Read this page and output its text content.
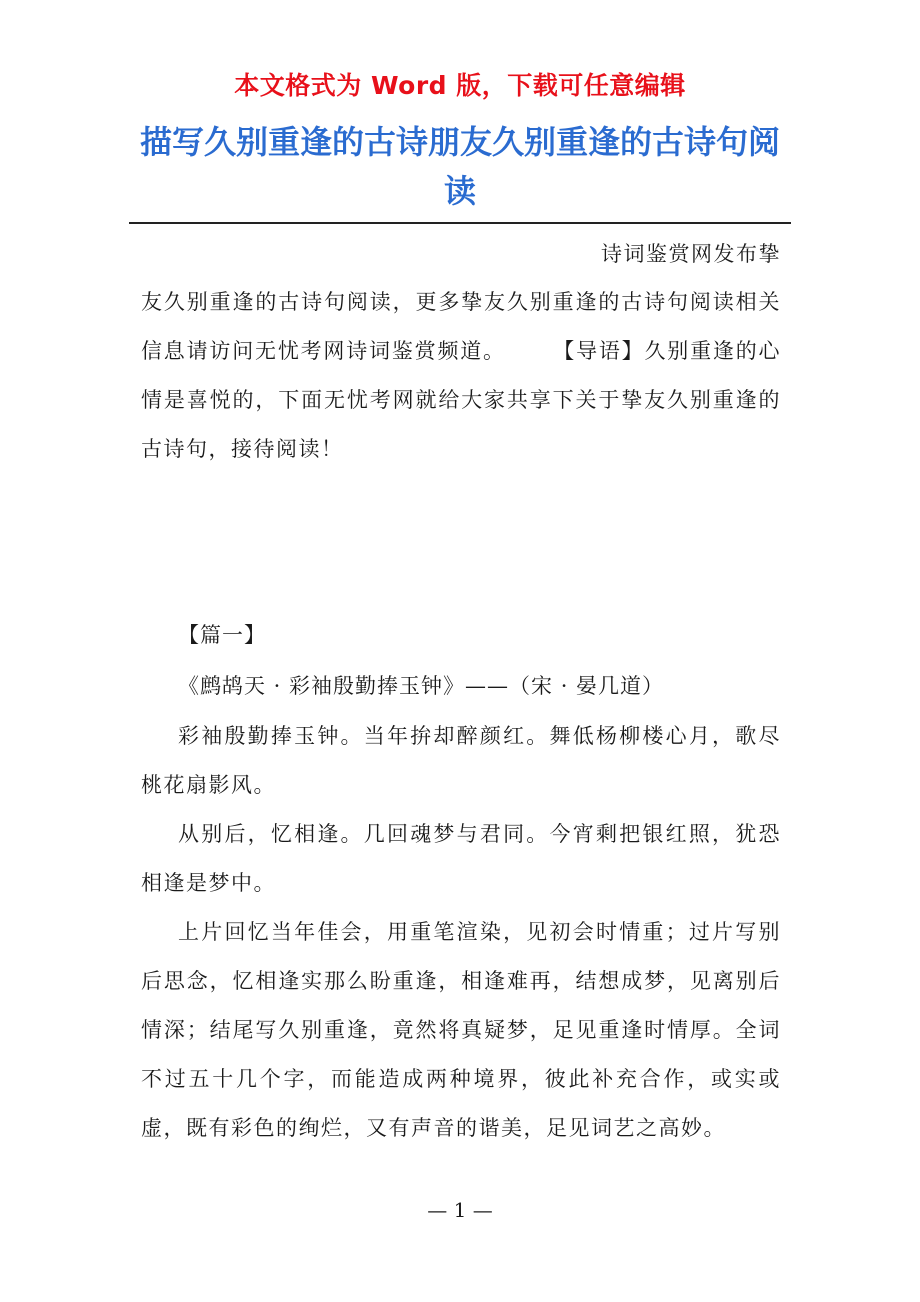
本文格式为 Word 版，下载可任意编辑
描写久别重逢的古诗朋友久别重逢的古诗句阅读
诗词鉴赏网发布挚
友久别重逢的古诗句阅读，更多挚友久别重逢的古诗句阅读相关信息请访问无忧考网诗词鉴赏频道。　　　【导语】久别重逢的心情是喜悦的，下面无忧考网就给大家共享下关于挚友久别重逢的古诗句，接待阅读！
【篇一】
《鹧鸪天 · 彩袖殷勤捧玉钟》——（宋 · 晏几道）

彩袖殷勤捧玉钟。当年拚却醉颜红。舞低杨柳楼心月，歌尽桃花扇影风。

从别后，忆相逢。几回魂梦与君同。今宵剩把银红照，犹恐相逢是梦中。

上片回忆当年佳会，用重笔渲染，见初会时情重；过片写别后思念，忆相逢实那么盼重逢，相逢难再，结想成梦，见离别后情深；结尾写久别重逢，竟然将真疑梦，足见重逢时情厚。全词不过五十几个字，而能造成两种境界，彼此补充合作，或实或虚，既有彩色的绚烂，又有声音的谐美，足见词艺之高妙。

— 1 —
